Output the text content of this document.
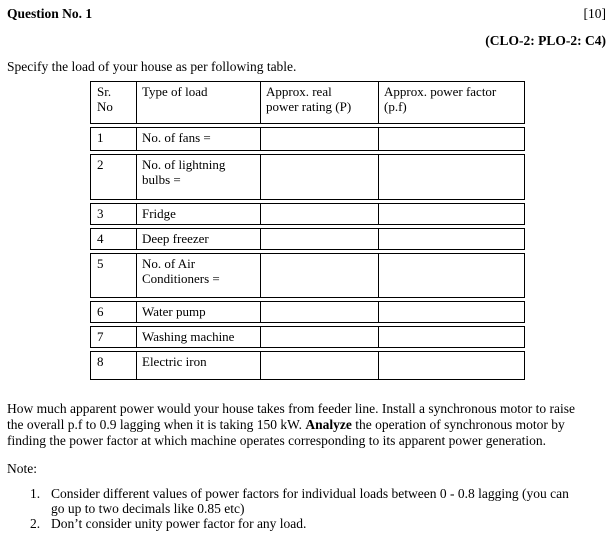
Question No. 1	[10]
(CLO-2: PLO-2: C4)
Specify the load of your house as per following table.
Sr.
No	Type of load	Approx. real
power rating (P)	Approx. power factor
(p.f)

1	No. of fans =		

2	No. of lightning
bulbs =		

3	Fridge		

4	Deep freezer		

5	No. of Air
Conditioners =		

6	Water pump		

7	Washing machine		

8	Electric iron		
How much apparent power would your house takes from feeder line. Install a synchronous motor to raise
the overall p.f to 0.9 lagging when it is taking 150 kW. Analyze the operation of synchronous motor by
finding the power factor at which machine operates corresponding to its apparent power generation.
Note:
1. Consider different values of power factors for individual loads between 0 - 0.8 lagging (you can
go up to two decimals like 0.85 etc)
2. Don’t consider unity power factor for any load.
